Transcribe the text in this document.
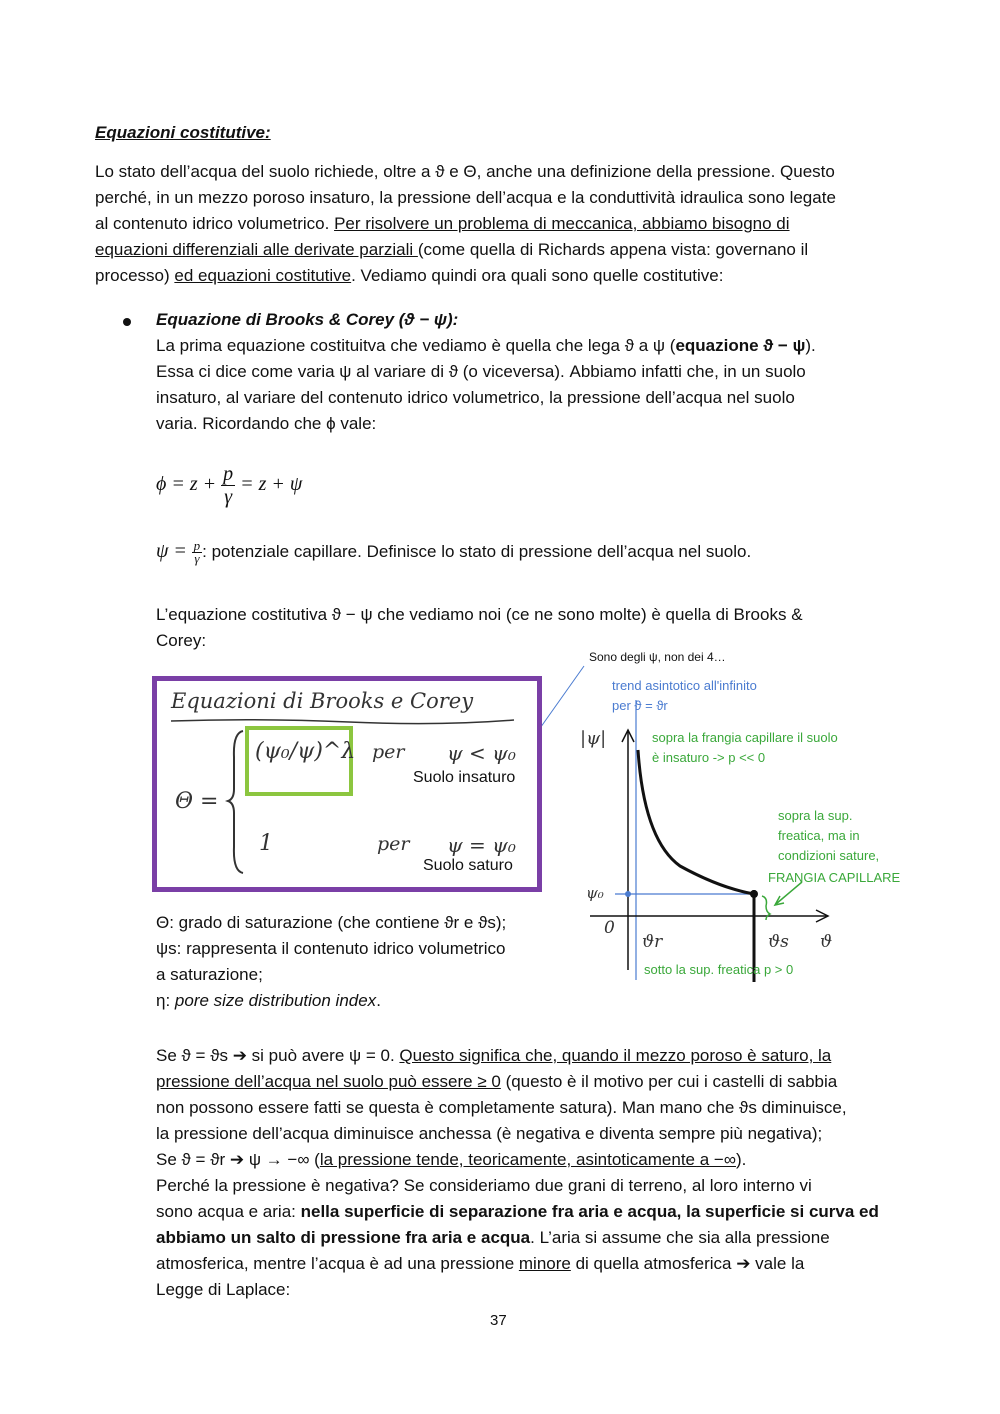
Equazioni costitutive:
Lo stato dell’acqua del suolo richiede, oltre a ϑ e Θ, anche una definizione della pressione. Questo
perché, in un mezzo poroso insaturo, la pressione dell’acqua e la conduttività idraulica sono legate
al contenuto idrico volumetrico. Per risolvere un problema di meccanica, abbiamo bisogno di
equazioni differenziali alle derivate parziali (come quella di Richards appena vista: governano il
processo) ed equazioni costitutive. Vediamo quindi ora quali sono quelle costitutive:
Equazione di Brooks & Corey (ϑ − ψ):
La prima equazione costituitva che vediamo è quella che lega ϑ a ψ (equazione ϑ − ψ).
Essa ci dice come varia ψ al variare di ϑ (o viceversa). Abbiamo infatti che, in un suolo
insaturo, al variare del contenuto idrico volumetrico, la pressione dell’acqua nel suolo
varia. Ricordando che ϕ vale:
$\phi = z + \frac{p}{\gamma} = z + \psi$
$\psi = \frac{p}{\gamma}$ : potenziale capillare. Definisce lo stato di pressione dell’acqua nel suolo.
L’equazione costitutiva ϑ − ψ che vediamo noi (ce ne sono molte) è quella di Brooks &
Corey:
Sono degli ψ, non dei 4…
Equazioni di Brooks e Corey
(ψ₀/ψ)^λ per ψ < ψ₀
Suolo insaturo
Θ =
1	per ψ = ψ₀
Suolo saturo
trend asintotico all'infinito
per ϑ = ϑr
|ψ|	sopra la frangia capillare il suolo
è insaturo -> p << 0
sopra la sup.
freatica, ma in
condizioni sature,
FRANGIA CAPILLARE
ψ₀
0
ϑr	ϑs ϑ
sotto la sup. freatica p > 0
Θ: grado di saturazione (che contiene ϑr e ϑs);
ψs: rappresenta il contenuto idrico volumetrico
a saturazione;
η: pore size distribution index.
Se ϑ = ϑs ➔ si può avere ψ = 0. Questo significa che, quando il mezzo poroso è saturo, la
pressione dell’acqua nel suolo può essere ≥ 0 (questo è il motivo per cui i castelli di sabbia
non possono essere fatti se questa è completamente satura). Man mano che ϑs diminuisce,
la pressione dell’acqua diminuisce anchessa (è negativa e diventa sempre più negativa);
Se ϑ = ϑr ➔ ψ → −∞ (la pressione tende, teoricamente, asintoticamente a −∞).
Perché la pressione è negativa? Se consideriamo due grani di terreno, al loro interno vi
sono acqua e aria: nella superficie di separazione fra aria e acqua, la superficie si curva ed
abbiamo un salto di pressione fra aria e acqua. L’aria si assume che sia alla pressione
atmosferica, mentre l’acqua è ad una pressione minore di quella atmosferica ➔ vale la
Legge di Laplace:
37
